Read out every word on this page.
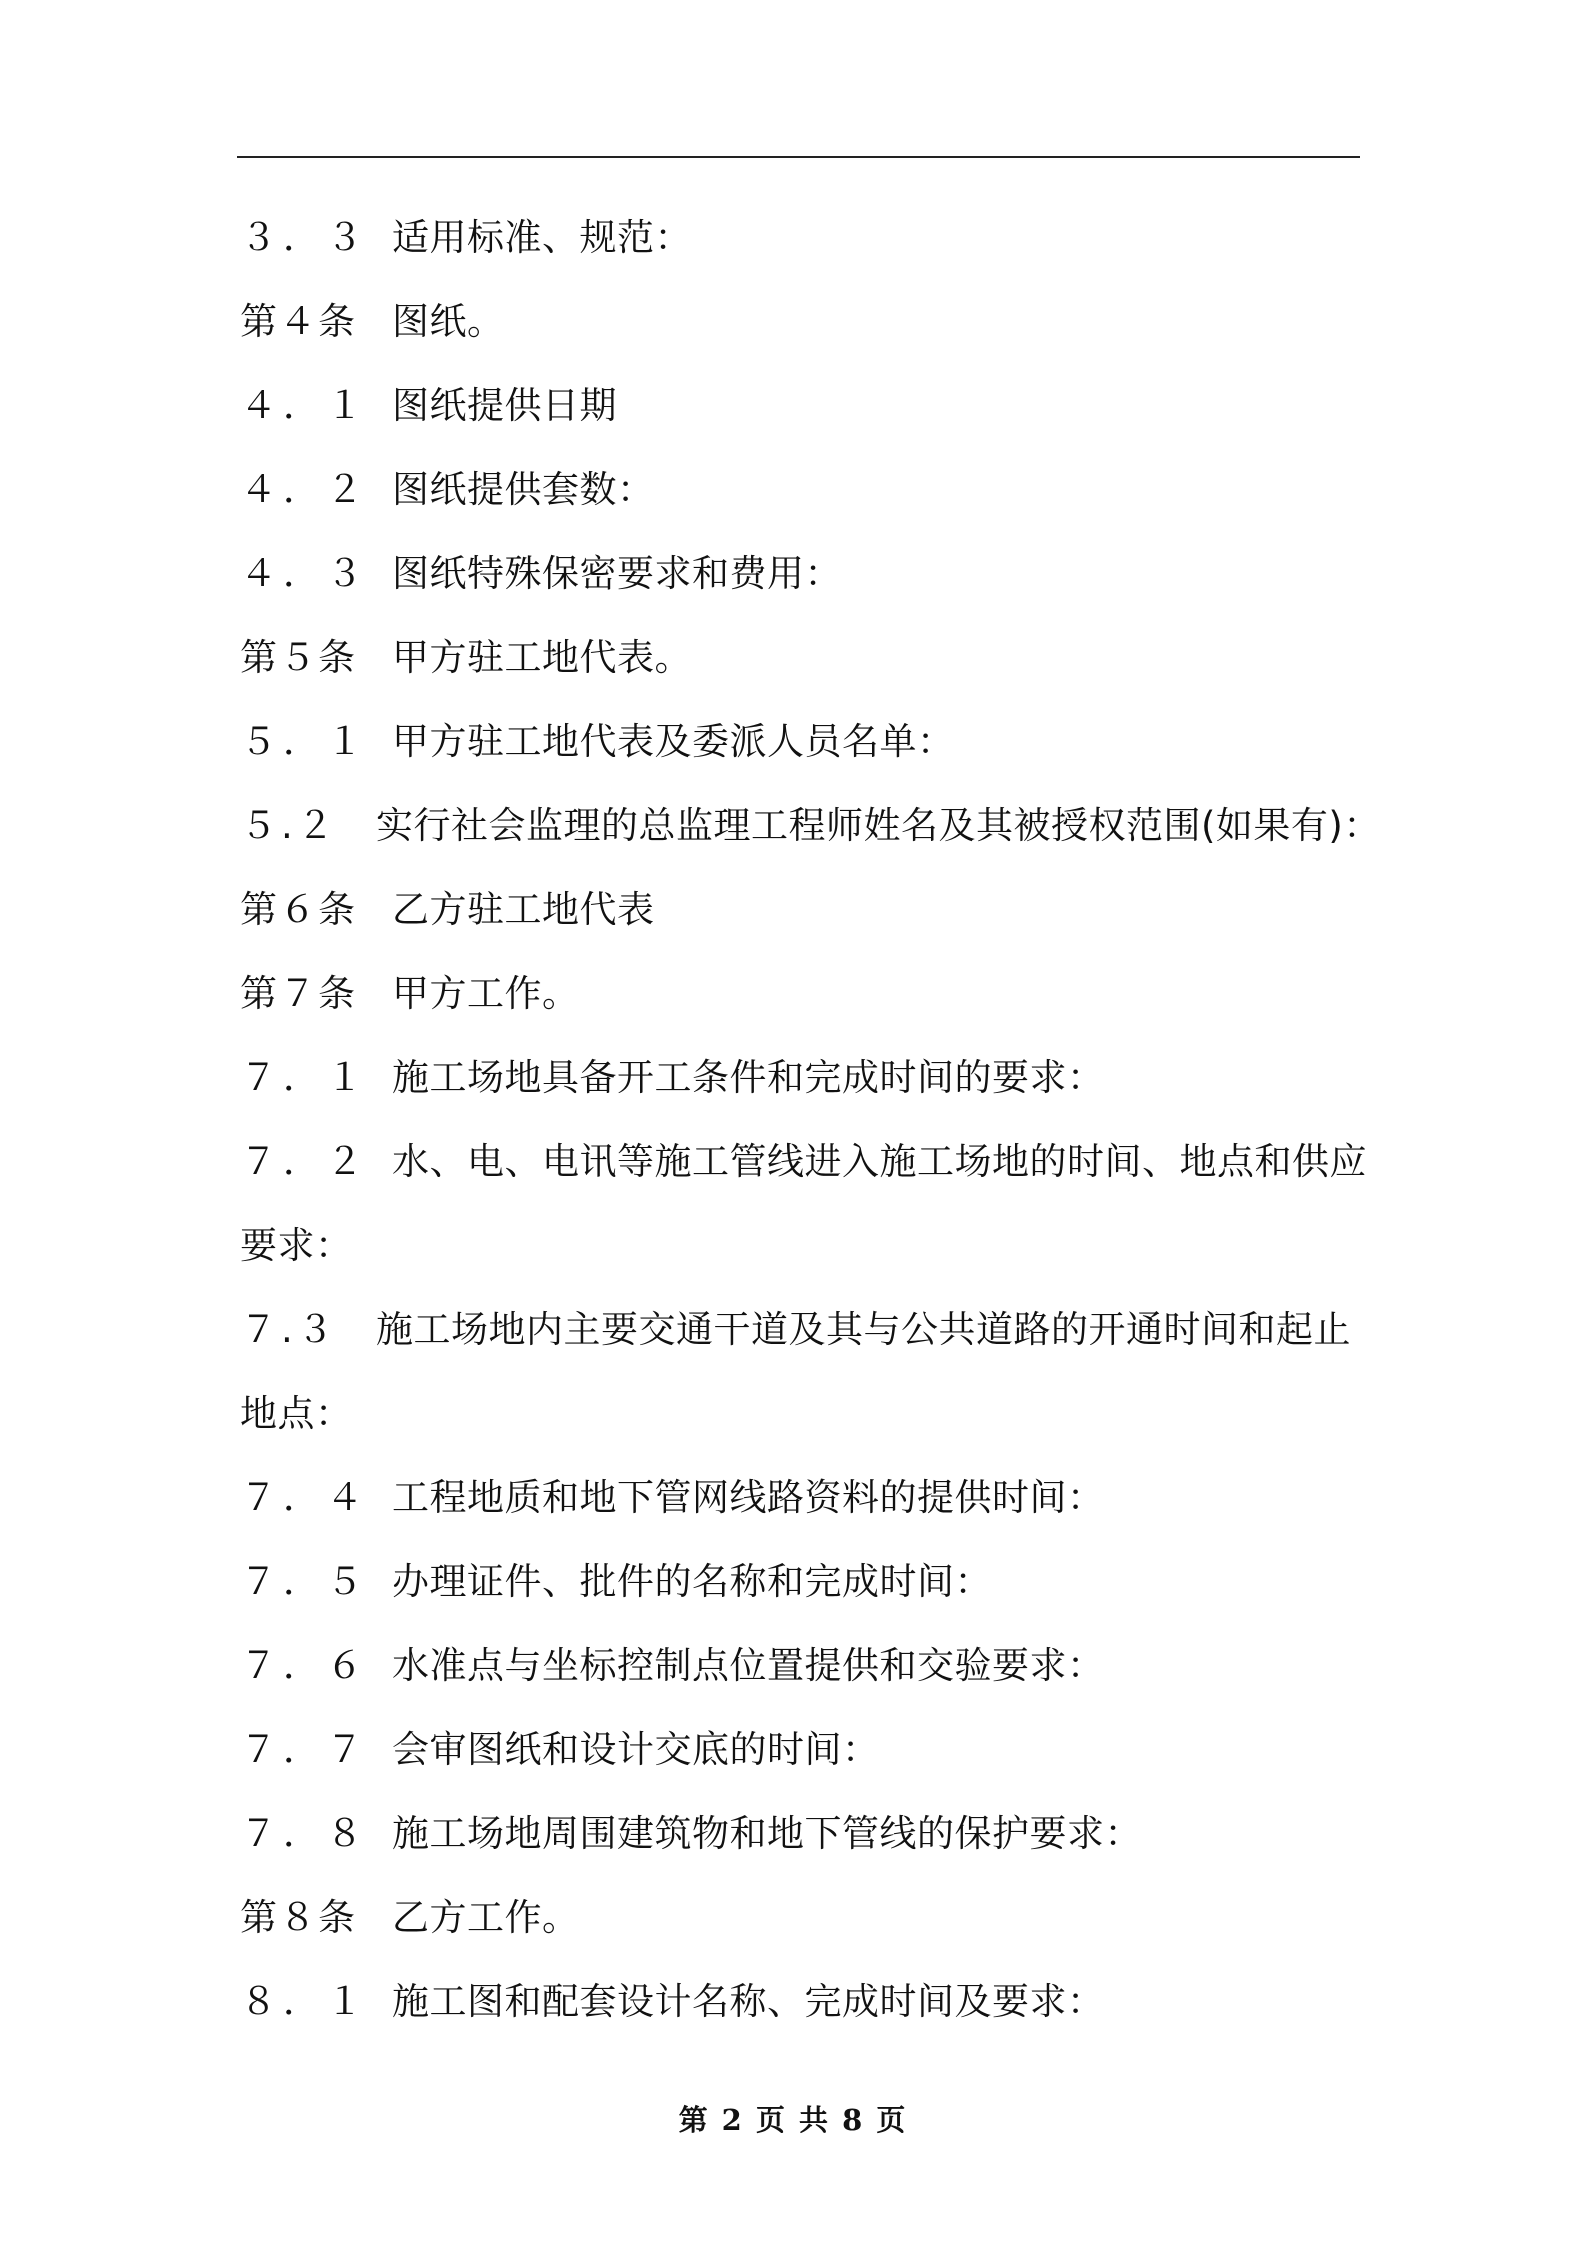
３．３ 适用标准、规范：
第４条 图纸。
４．１ 图纸提供日期
４．２ 图纸提供套数：
４．３ 图纸特殊保密要求和费用：
第５条 甲方驻工地代表。
５．１ 甲方驻工地代表及委派人员名单：
５.２ 实行社会监理的总监理工程师姓名及其被授权范围(如果有)：
第６条 乙方驻工地代表
第７条 甲方工作。
７．１ 施工场地具备开工条件和完成时间的要求：
７．２ 水、电、电讯等施工管线进入施工场地的时间、地点和供应
要求：
７.３ 施工场地内主要交通干道及其与公共道路的开通时间和起止
地点：
７．４ 工程地质和地下管网线路资料的提供时间：
７．５ 办理证件、批件的名称和完成时间：
７．６ 水准点与坐标控制点位置提供和交验要求：
７．７ 会审图纸和设计交底的时间：
７．８ 施工场地周围建筑物和地下管线的保护要求：
第８条 乙方工作。
８．１ 施工图和配套设计名称、完成时间及要求：
第 2 页 共 8 页
